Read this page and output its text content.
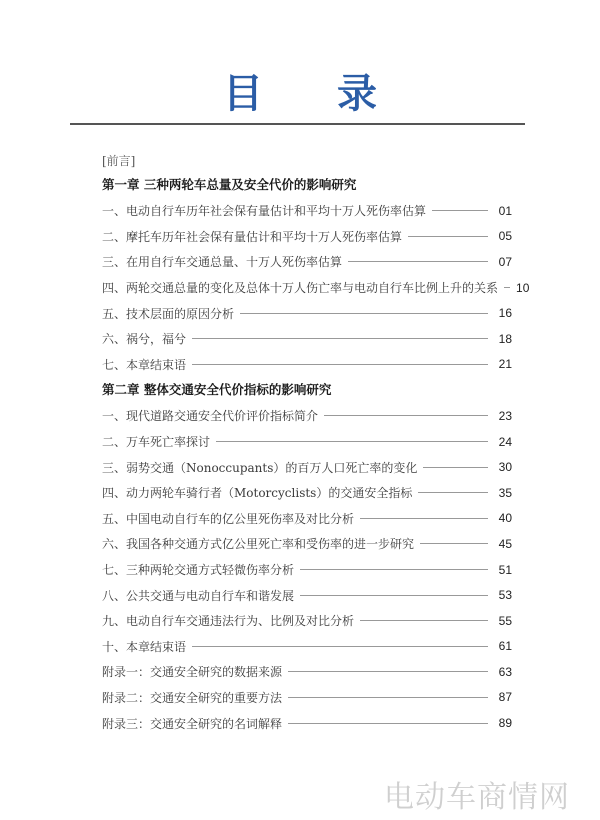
目 录
[前言]
第一章 三种两轮车总量及安全代价的影响研究
一、电动自行车历年社会保有量估计和平均十万人死伤率估算	01
二、摩托车历年社会保有量估计和平均十万人死伤率估算	05
三、在用自行车交通总量、十万人死伤率估算	07
四、两轮交通总量的变化及总体十万人伤亡率与电动自行车比例上升的关系 10
五、技术层面的原因分析	16
六、祸兮，福兮	18
七、本章结束语	21
第二章 整体交通安全代价指标的影响研究
一、现代道路交通安全代价评价指标简介	23
二、万车死亡率探讨	24
三、弱势交通（Nonoccupants）的百万人口死亡率的变化	30
四、动力两轮车骑行者（Motorcyclists）的交通安全指标	35
五、中国电动自行车的亿公里死伤率及对比分析	40
六、我国各种交通方式亿公里死亡率和受伤率的进一步研究	45
七、三种两轮交通方式轻微伤率分析	51
八、公共交通与电动自行车和谐发展	53
九、电动自行车交通违法行为、比例及对比分析	55
十、本章结束语	61
附录一：交通安全研究的数据来源	63
附录二：交通安全研究的重要方法	87
附录三：交通安全研究的名词解释	89
电动车商情网
